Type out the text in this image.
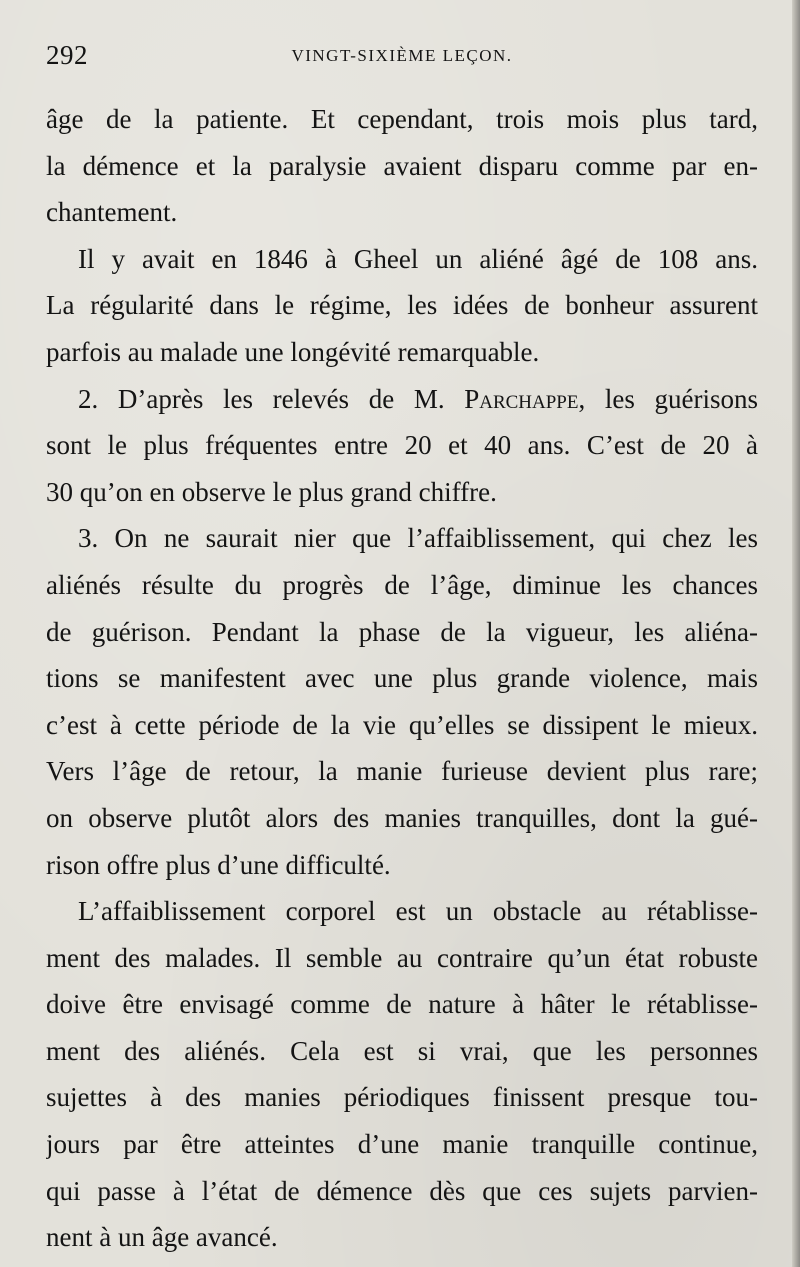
292	VINGT-SIXIÈME LEÇON.
âge de la patiente. Et cependant, trois mois plus tard,
la démence et la paralysie avaient disparu comme par en-
chantement.
Il y avait en 1846 à Gheel un aliéné âgé de 108 ans.
La régularité dans le régime, les idées de bonheur assurent
parfois au malade une longévité remarquable.
2. D’après les relevés de M. Parchappe, les guérisons
sont le plus fréquentes entre 20 et 40 ans. C’est de 20 à
30 qu’on en observe le plus grand chiffre.
3. On ne saurait nier que l’affaiblissement, qui chez les
aliénés résulte du progrès de l’âge, diminue les chances
de guérison. Pendant la phase de la vigueur, les aliéna-
tions se manifestent avec une plus grande violence, mais
c’est à cette période de la vie qu’elles se dissipent le mieux.
Vers l’âge de retour, la manie furieuse devient plus rare;
on observe plutôt alors des manies tranquilles, dont la gué-
rison offre plus d’une difficulté.
L’affaiblissement corporel est un obstacle au rétablisse-
ment des malades. Il semble au contraire qu’un état robuste
doive être envisagé comme de nature à hâter le rétablisse-
ment des aliénés. Cela est si vrai, que les personnes
sujettes à des manies périodiques finissent presque tou-
jours par être atteintes d’une manie tranquille continue,
qui passe à l’état de démence dès que ces sujets parvien-
nent à un âge avancé.
